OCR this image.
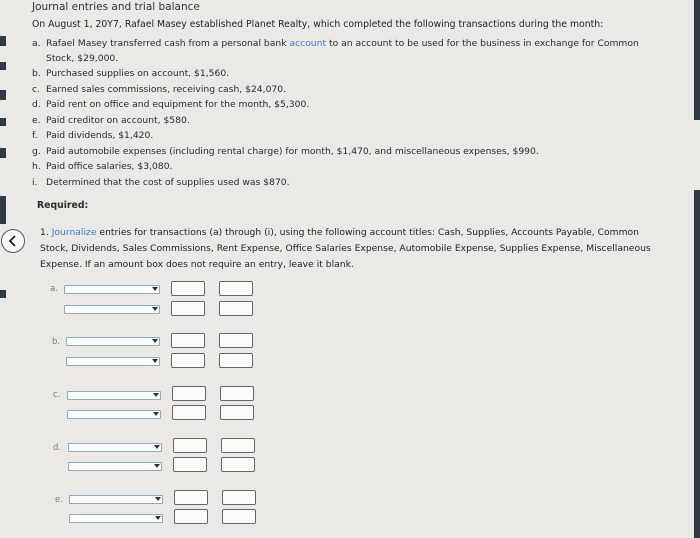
Journal entries and trial balance
On August 1, 20Y7, Rafael Masey established Planet Realty, which completed the following transactions during the month:
a. Rafael Masey transferred cash from a personal bank account to an account to be used for the business in exchange for Common
Stock, $29,000.
b. Purchased supplies on account, $1,560.
c. Earned sales commissions, receiving cash, $24,070.
d. Paid rent on office and equipment for the month, $5,300.
e. Paid creditor on account, $580.
f. Paid dividends, $1,420.
g. Paid automobile expenses (including rental charge) for month, $1,470, and miscellaneous expenses, $990.
h. Paid office salaries, $3,080.
i. Determined that the cost of supplies used was $870.
Required:
1. Journalize entries for transactions (a) through (i), using the following account titles: Cash, Supplies, Accounts Payable, Common
Stock, Dividends, Sales Commissions, Rent Expense, Office Salaries Expense, Automobile Expense, Supplies Expense, Miscellaneous
Expense. If an amount box does not require an entry, leave it blank.
a.
b.
c.
d.
e.
